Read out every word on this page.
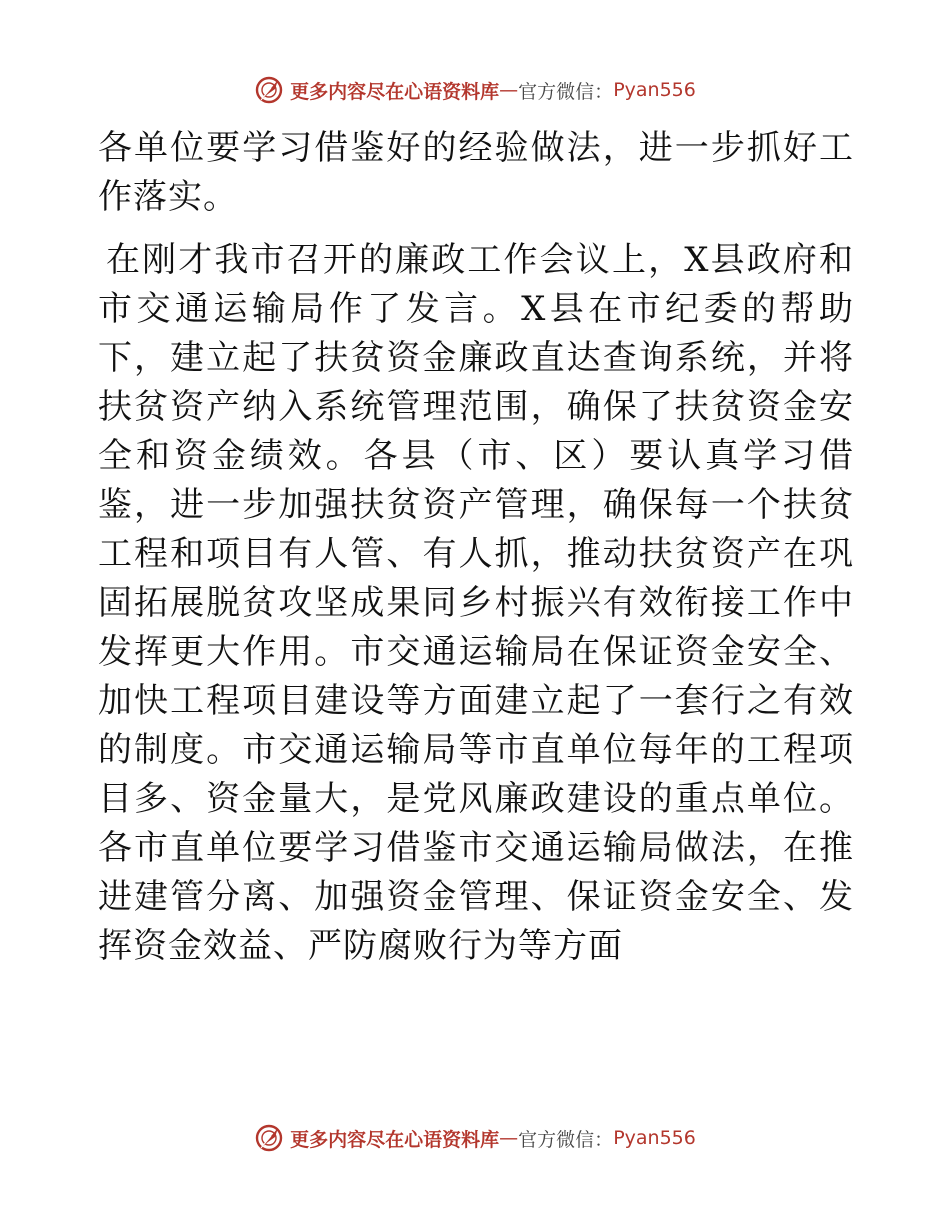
更多内容尽在心语资料库 — 官方微信： Pyan556

各单位要学习借鉴好的经验做法，进一步抓好工作落实。

在刚才我市召开的廉政工作会议上，X县政府和市交通运输局作了发言。X县在市纪委的帮助下，建立起了扶贫资金廉政直达查询系统，并将扶贫资产纳入系统管理范围，确保了扶贫资金安全和资金绩效。各县（市、区）要认真学习借鉴，进一步加强扶贫资产管理，确保每一个扶贫工程和项目有人管、有人抓，推动扶贫资产在巩固拓展脱贫攻坚成果同乡村振兴有效衔接工作中发挥更大作用。市交通运输局在保证资金安全、加快工程项目建设等方面建立起了一套行之有效的制度。市交通运输局等市直单位每年的工程项目多、资金量大，是党风廉政建设的重点单位。各市直单位要学习借鉴市交通运输局做法，在推进建管分离、加强资金管理、保证资金安全、发挥资金效益、严防腐败行为等方面

更多内容尽在心语资料库 — 官方微信： Pyan556
